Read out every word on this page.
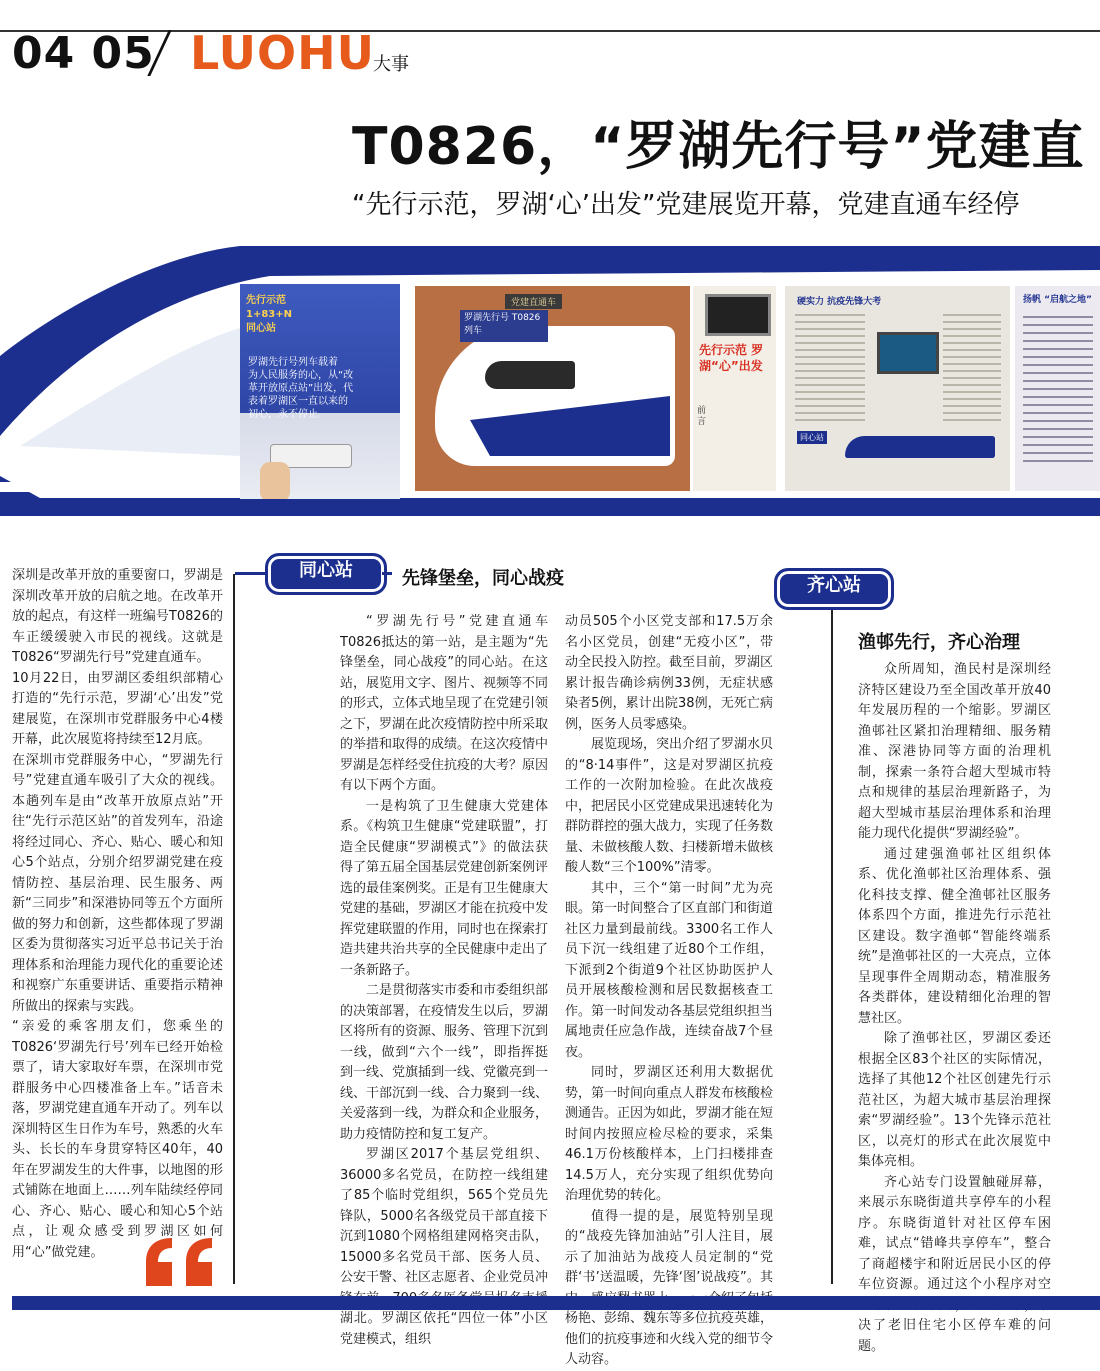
04 05 LUOHU
大事
T0826，“罗湖先行号”党建直
“先行示范，罗湖‘心’出发”党建展览开幕，党建直通车经停
先行示范
1+83+N
同心站
罗湖先行号列车载着
为人民服务的心，从“改
革开放原点站”出发，代
表着罗湖区一直以来的
初心，永不停止
党建直通车
罗湖先行号 T0826列车
先行示范 罗湖“心”出发
前言
硬实力 抗疫先锋大考
同心站
扬帆 “启航之地”

深圳是改革开放的重要窗口，罗湖是深圳改革开放的启航之地。在改革开放的起点，有这样一班编号T0826的车正缓缓驶入市民的视线。这就是T0826“罗湖先行号”党建直通车。

10月22日，由罗湖区委组织部精心打造的“先行示范，罗湖‘心’出发”党建展览，在深圳市党群服务中心4楼开幕，此次展览将持续至12月底。

在深圳市党群服务中心，“罗湖先行号”党建直通车吸引了大众的视线。本趟列车是由“改革开放原点站”开往“先行示范区站”的首发列车，沿途将经过同心、齐心、贴心、暖心和知心5个站点，分别介绍罗湖党建在疫情防控、基层治理、民生服务、两新“三同步”和深港协同等五个方面所做的努力和创新，这些都体现了罗湖区委为贯彻落实习近平总书记关于治理体系和治理能力现代化的重要论述和视察广东重要讲话、重要指示精神所做出的探索与实践。

“亲爱的乘客朋友们，您乘坐的T0826‘罗湖先行号’列车已经开始检票了，请大家取好车票，在深圳市党群服务中心四楼准备上车。”话音未落，罗湖党建直通车开动了。列车以深圳特区生日作为车号，熟悉的火车头、长长的车身贯穿特区40年，40年在罗湖发生的大件事，以地图的形式铺陈在地面上……列车陆续经停同心、齐心、贴心、暖心和知心5个站点，让观众感受到罗湖区如何用“心”做党建。

同心站	先锋堡垒，同心战疫

“罗湖先行号”党建直通车T0826抵达的第一站，是主题为“先锋堡垒，同心战疫”的同心站。在这站，展览用文字、图片、视频等不同的形式，立体式地呈现了在党建引领之下，罗湖在此次疫情防控中所采取的举措和取得的成绩。在这次疫情中罗湖是怎样经受住抗疫的大考？原因有以下两个方面。

一是构筑了卫生健康大党建体系。《构筑卫生健康“党建联盟”，打造全民健康“罗湖模式”》的做法获得了第五届全国基层党建创新案例评选的最佳案例奖。正是有卫生健康大党建的基础，罗湖区才能在抗疫中发挥党建联盟的作用，同时也在探索打造共建共治共享的全民健康中走出了一条新路子。

二是贯彻落实市委和市委组织部的决策部署，在疫情发生以后，罗湖区将所有的资源、服务、管理下沉到一线，做到“六个一线”，即指挥挺到一线、党旗插到一线、党徽亮到一线、干部沉到一线、合力聚到一线、关爱落到一线，为群众和企业服务，助力疫情防控和复工复产。

罗湖区2017个基层党组织、36000多名党员，在防控一线组建了85个临时党组织，565个党员先锋队，5000名各级党员干部直接下沉到1080个网格组建网格突击队，15000多名党员干部、医务人员、公安干警、社区志愿者、企业党员冲 湖北。罗湖区依托“四位一体”小区党建模式，组织

动员505个小区党支部和17.5万余名小区党员，创建“无疫小区”，带动全民投入防控。截至目前，罗湖区累计报告确诊病例33例，无症状感染者5例，累计出院38例，无死亡病例，医务人员零感染。

展览现场，突出介绍了罗湖水贝的“8·14事件”，这是对罗湖区抗疫工作的一次附加检验。在此次战疫中，把居民小区党建成果迅速转化为群防群控的强大战力，实现了任务数量、未做核酸人数、扫楼新增未做核酸人数“三个100%”清零。

其中，三个“第一时间”尤为亮眼。第一时间整合了区直部门和街道社区力量到最前线。3300名工作人员下沉一线组建了近80个工作组，下派到2个街道9个社区协助医护人员开展核酸检测和居民数据核查工作。第一时间发动各基层党组织担当属地责任应急作战，连续奋战7个昼夜。

同时，罗湖区还利用大数据优势，第一时间向重点人群发布核酸检测通告。正因为如此，罗湖才能在短时间内按照应检尽检的要求，采集46.1万份核酸样本，上门扫楼排查14.5万人，充分实现了组织优势向治理优势的转化。

值得一提的是，展览特别呈现的“战疫先锋加油站”引人注目，展示了加油站为战疫人员定制的“党群‘书’送温暖，先锋‘图’说战疫”。其 杨艳、彭绵、魏东等多位抗疫英雄，他们的抗疫事迹和火线入党的细节令人动容。

齐心站
渔邨先行，齐心治理

众所周知，渔民村是深圳经济特区建设乃至全国改革开放40年发展历程的一个缩影。罗湖区渔邨社区紧扣治理精细、服务精准、深港协同等方面的治理机制，探索一条符合超大型城市特点和规律的基层治理新路子，为超大型城市基层治理体系和治理能力现代化提供“罗湖经验”。

通过建强渔邨社区组织体系、优化渔邨社区治理体系、强化科技支撑、健全渔邨社区服务体系四个方面，推进先行示范社区建设。数字渔邨“智能终端系统”是渔邨社区的一大亮点，立体呈现事件全周期动态，精准服务各类群体，建设精细化治理的智慧社区。

除了渔邨社区，罗湖区委还根据全区83个社区的实际情况，选择了其他12个社区创建先行示范社区，为超大城市基层治理探索“罗湖经验”。13个先锋示范社区，以亮灯的形式在此次展览中集体亮相。

齐心站专门设置触碰屏幕，来展示东晓街道共享停车的小程序。东晓街道针对社区停车困难，试点“错峰共享停车”，整合了商超楼宇和附近居民小区的停车位资源。通过这个小程序对空 决了老旧住宅小区停车难的问题。
